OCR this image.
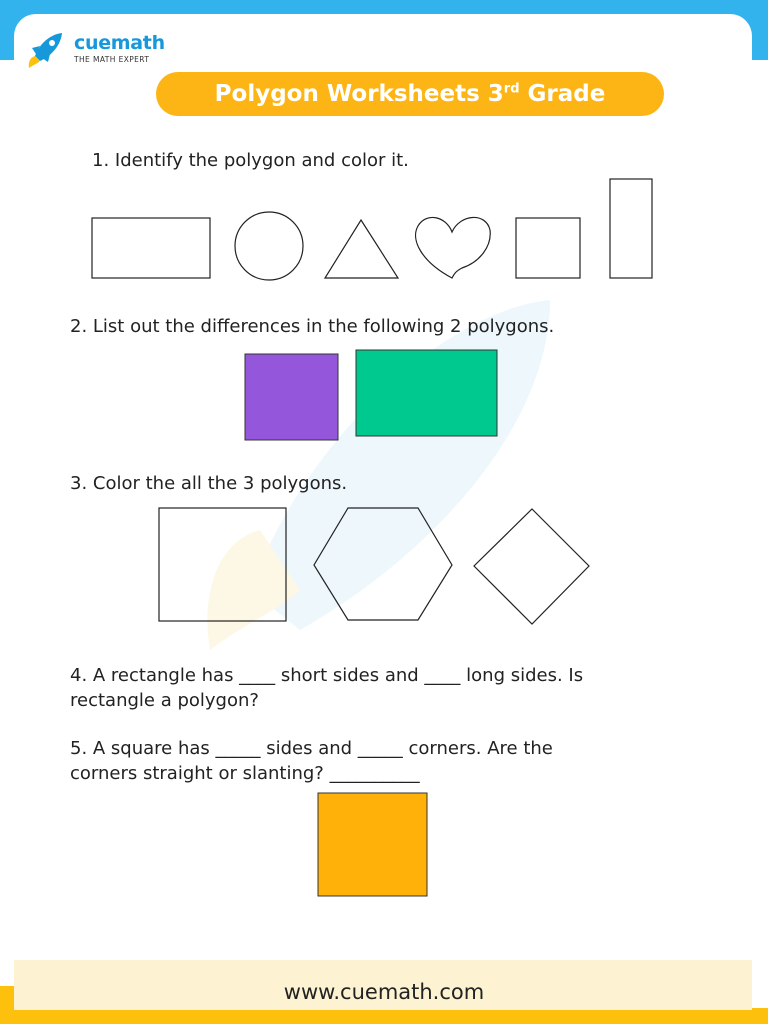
cuemath
THE MATH EXPERT
Polygon Worksheets 3rd Grade
1. Identify the polygon and color it.
2. List out the differences in the following 2 polygons.
3. Color the all the 3 polygons.
4. A rectangle has ____ short sides and ____ long sides. Is
rectangle a polygon?
5. A square has _____ sides and _____ corners. Are the
corners straight or slanting? __________
www.cuemath.com
